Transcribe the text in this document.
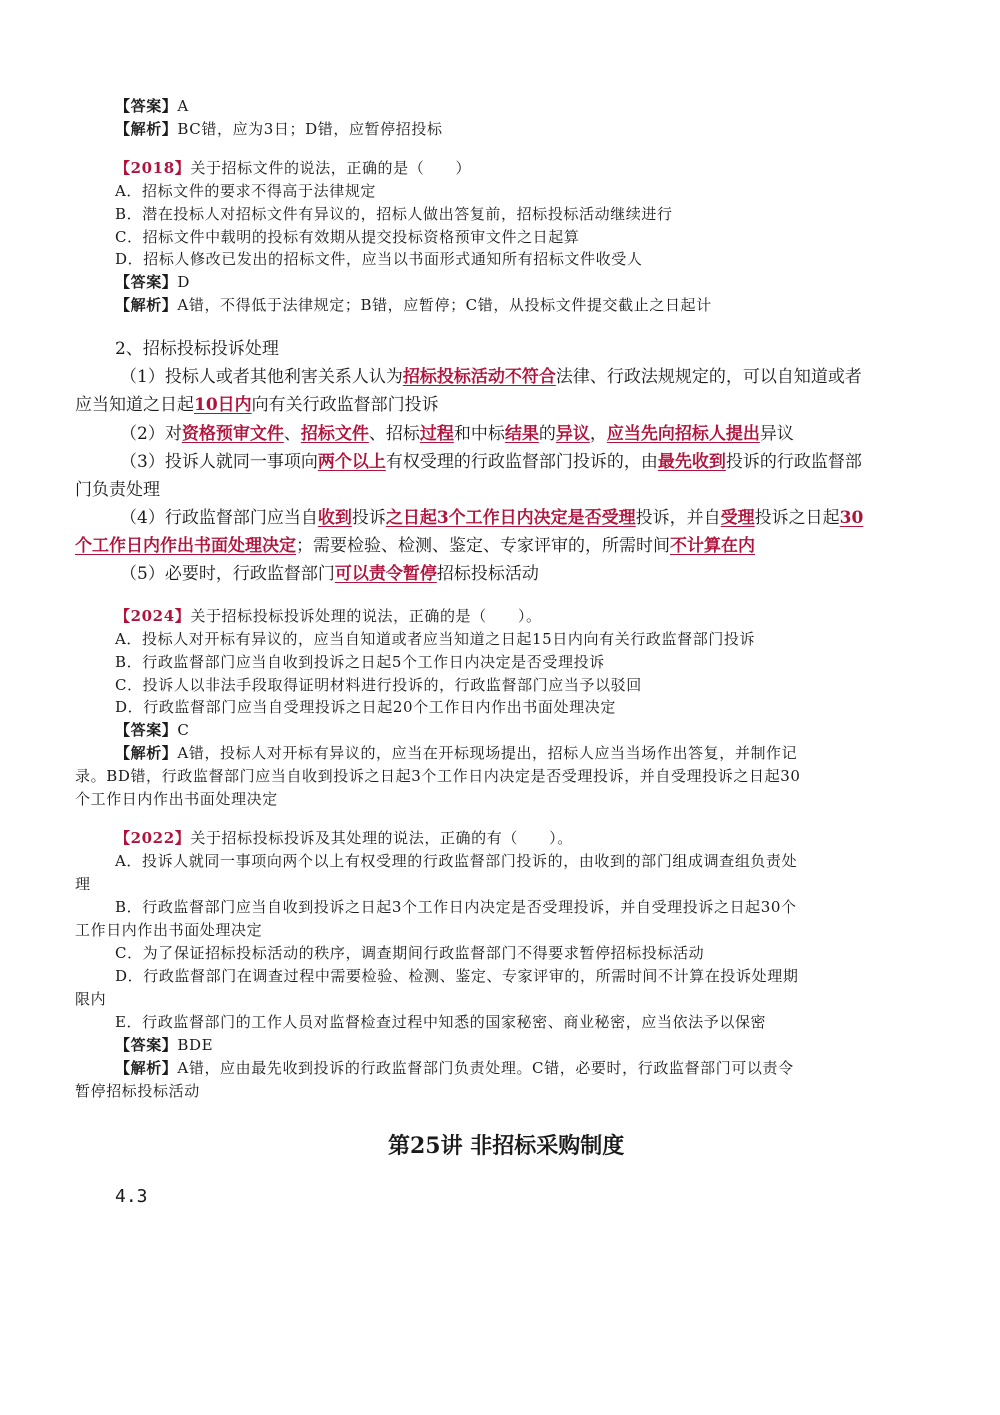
【答案】A
【解析】BC错，应为3日；D错，应暂停招投标
【2018】关于招标文件的说法，正确的是（　　）
A．招标文件的要求不得高于法律规定
B．潜在投标人对招标文件有异议的，招标人做出答复前，招标投标活动继续进行
C．招标文件中载明的投标有效期从提交投标资格预审文件之日起算
D．招标人修改已发出的招标文件，应当以书面形式通知所有招标文件收受人
【答案】D
【解析】A错，不得低于法律规定；B错，应暂停；C错，从投标文件提交截止之日起计
2、招标投标投诉处理
（1）投标人或者其他利害关系人认为招标投标活动不符合法律、行政法规规定的，可以自知道或者
应当知道之日起10日内向有关行政监督部门投诉
（2）对资格预审文件、招标文件、招标过程和中标结果的异议，应当先向招标人提出异议
（3）投诉人就同一事项向两个以上有权受理的行政监督部门投诉的，由最先收到投诉的行政监督部
门负责处理
（4）行政监督部门应当自收到投诉之日起3个工作日内决定是否受理投诉，并自受理投诉之日起30
个工作日内作出书面处理决定；需要检验、检测、鉴定、专家评审的，所需时间不计算在内
（5）必要时，行政监督部门可以责令暂停招标投标活动
【2024】关于招标投标投诉处理的说法，正确的是（　　）。
A．投标人对开标有异议的，应当自知道或者应当知道之日起15日内向有关行政监督部门投诉
B．行政监督部门应当自收到投诉之日起5个工作日内决定是否受理投诉
C．投诉人以非法手段取得证明材料进行投诉的，行政监督部门应当予以驳回
D．行政监督部门应当自受理投诉之日起20个工作日内作出书面处理决定
【答案】C
【解析】A错，投标人对开标有异议的，应当在开标现场提出，招标人应当当场作出答复，并制作记
录。BD错，行政监督部门应当自收到投诉之日起3个工作日内决定是否受理投诉，并自受理投诉之日起30
个工作日内作出书面处理决定
【2022】关于招标投标投诉及其处理的说法，正确的有（　　）。
A．投诉人就同一事项向两个以上有权受理的行政监督部门投诉的，由收到的部门组成调查组负责处
理
B．行政监督部门应当自收到投诉之日起3个工作日内决定是否受理投诉，并自受理投诉之日起30个
工作日内作出书面处理决定
C．为了保证招标投标活动的秩序，调查期间行政监督部门不得要求暂停招标投标活动
D．行政监督部门在调查过程中需要检验、检测、鉴定、专家评审的，所需时间不计算在投诉处理期
限内
E．行政监督部门的工作人员对监督检查过程中知悉的国家秘密、商业秘密，应当依法予以保密
【答案】BDE
【解析】A错，应由最先收到投诉的行政监督部门负责处理。C错，必要时，行政监督部门可以责令
暂停招标投标活动
第25讲 非招标采购制度
4.3
